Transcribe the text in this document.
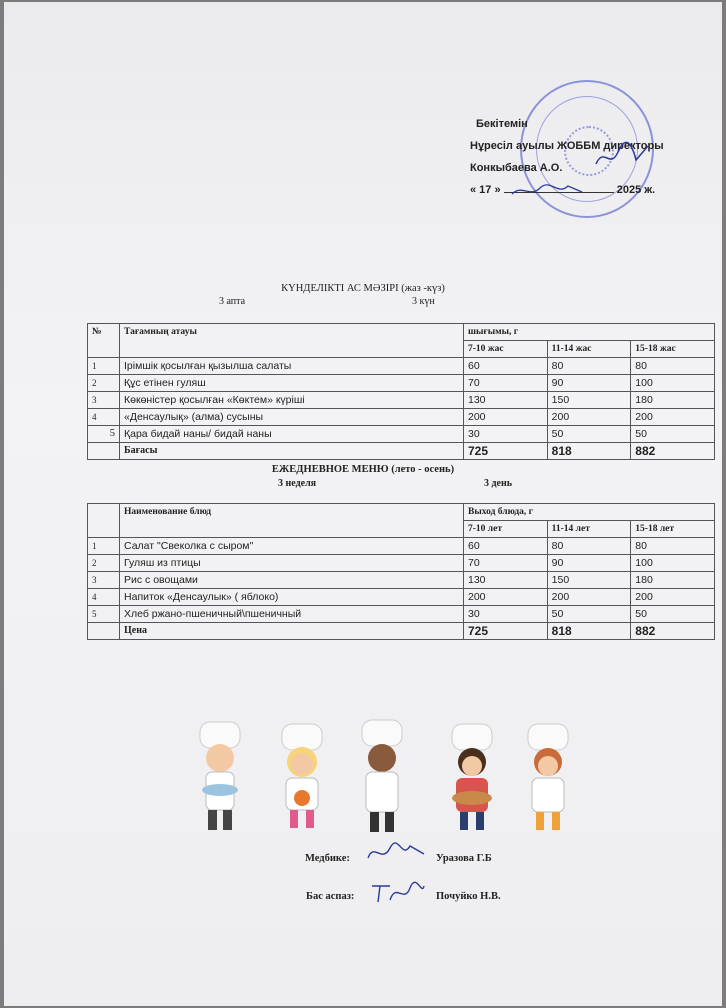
Бекітемін
Нұресіл ауылы ЖОББМ директоры
Конкыбаева А.О.
« 17 »	2025 ж.
КҮНДЕЛІКТІ АС МӘЗІРІ (жаз -күз)
3 апта	3 күн
№	Тағамның атауы	шығымы, г		
		7-10 жас	11-14 жас	15-18 жас
1	Ірімшік қосылған қызылша салаты	60	80	80
2	Құс етінен гуляш	70	90	100
3	Көкөністер қосылған «Көктем» күріші	130	150	180
4	«Денсаулық» (алма) сусыны	200	200	200
5	Қара бидай наны/ бидай наны	30	50	50
	Бағасы	725	818	882
ЕЖЕДНЕВНОЕ МЕНЮ (лето - осень)
3 неделя	3 день
	Наименование блюд	Выход блюда, г		
		7-10 лет	11-14 лет	15-18 лет
1	Салат "Свеколка с сыром"	60	80	80
2	Гуляш из птицы	70	90	100
3	Рис с овощами	130	150	180
4	Напиток «Денсаулык» ( яблоко)	200	200	200
5	Хлеб ржано-пшеничный\пшеничный	30	50	50
	Цена	725	818	882
Медбике:	Уразова Г.Б
Бас аспаз:	Почуйко Н.В.
